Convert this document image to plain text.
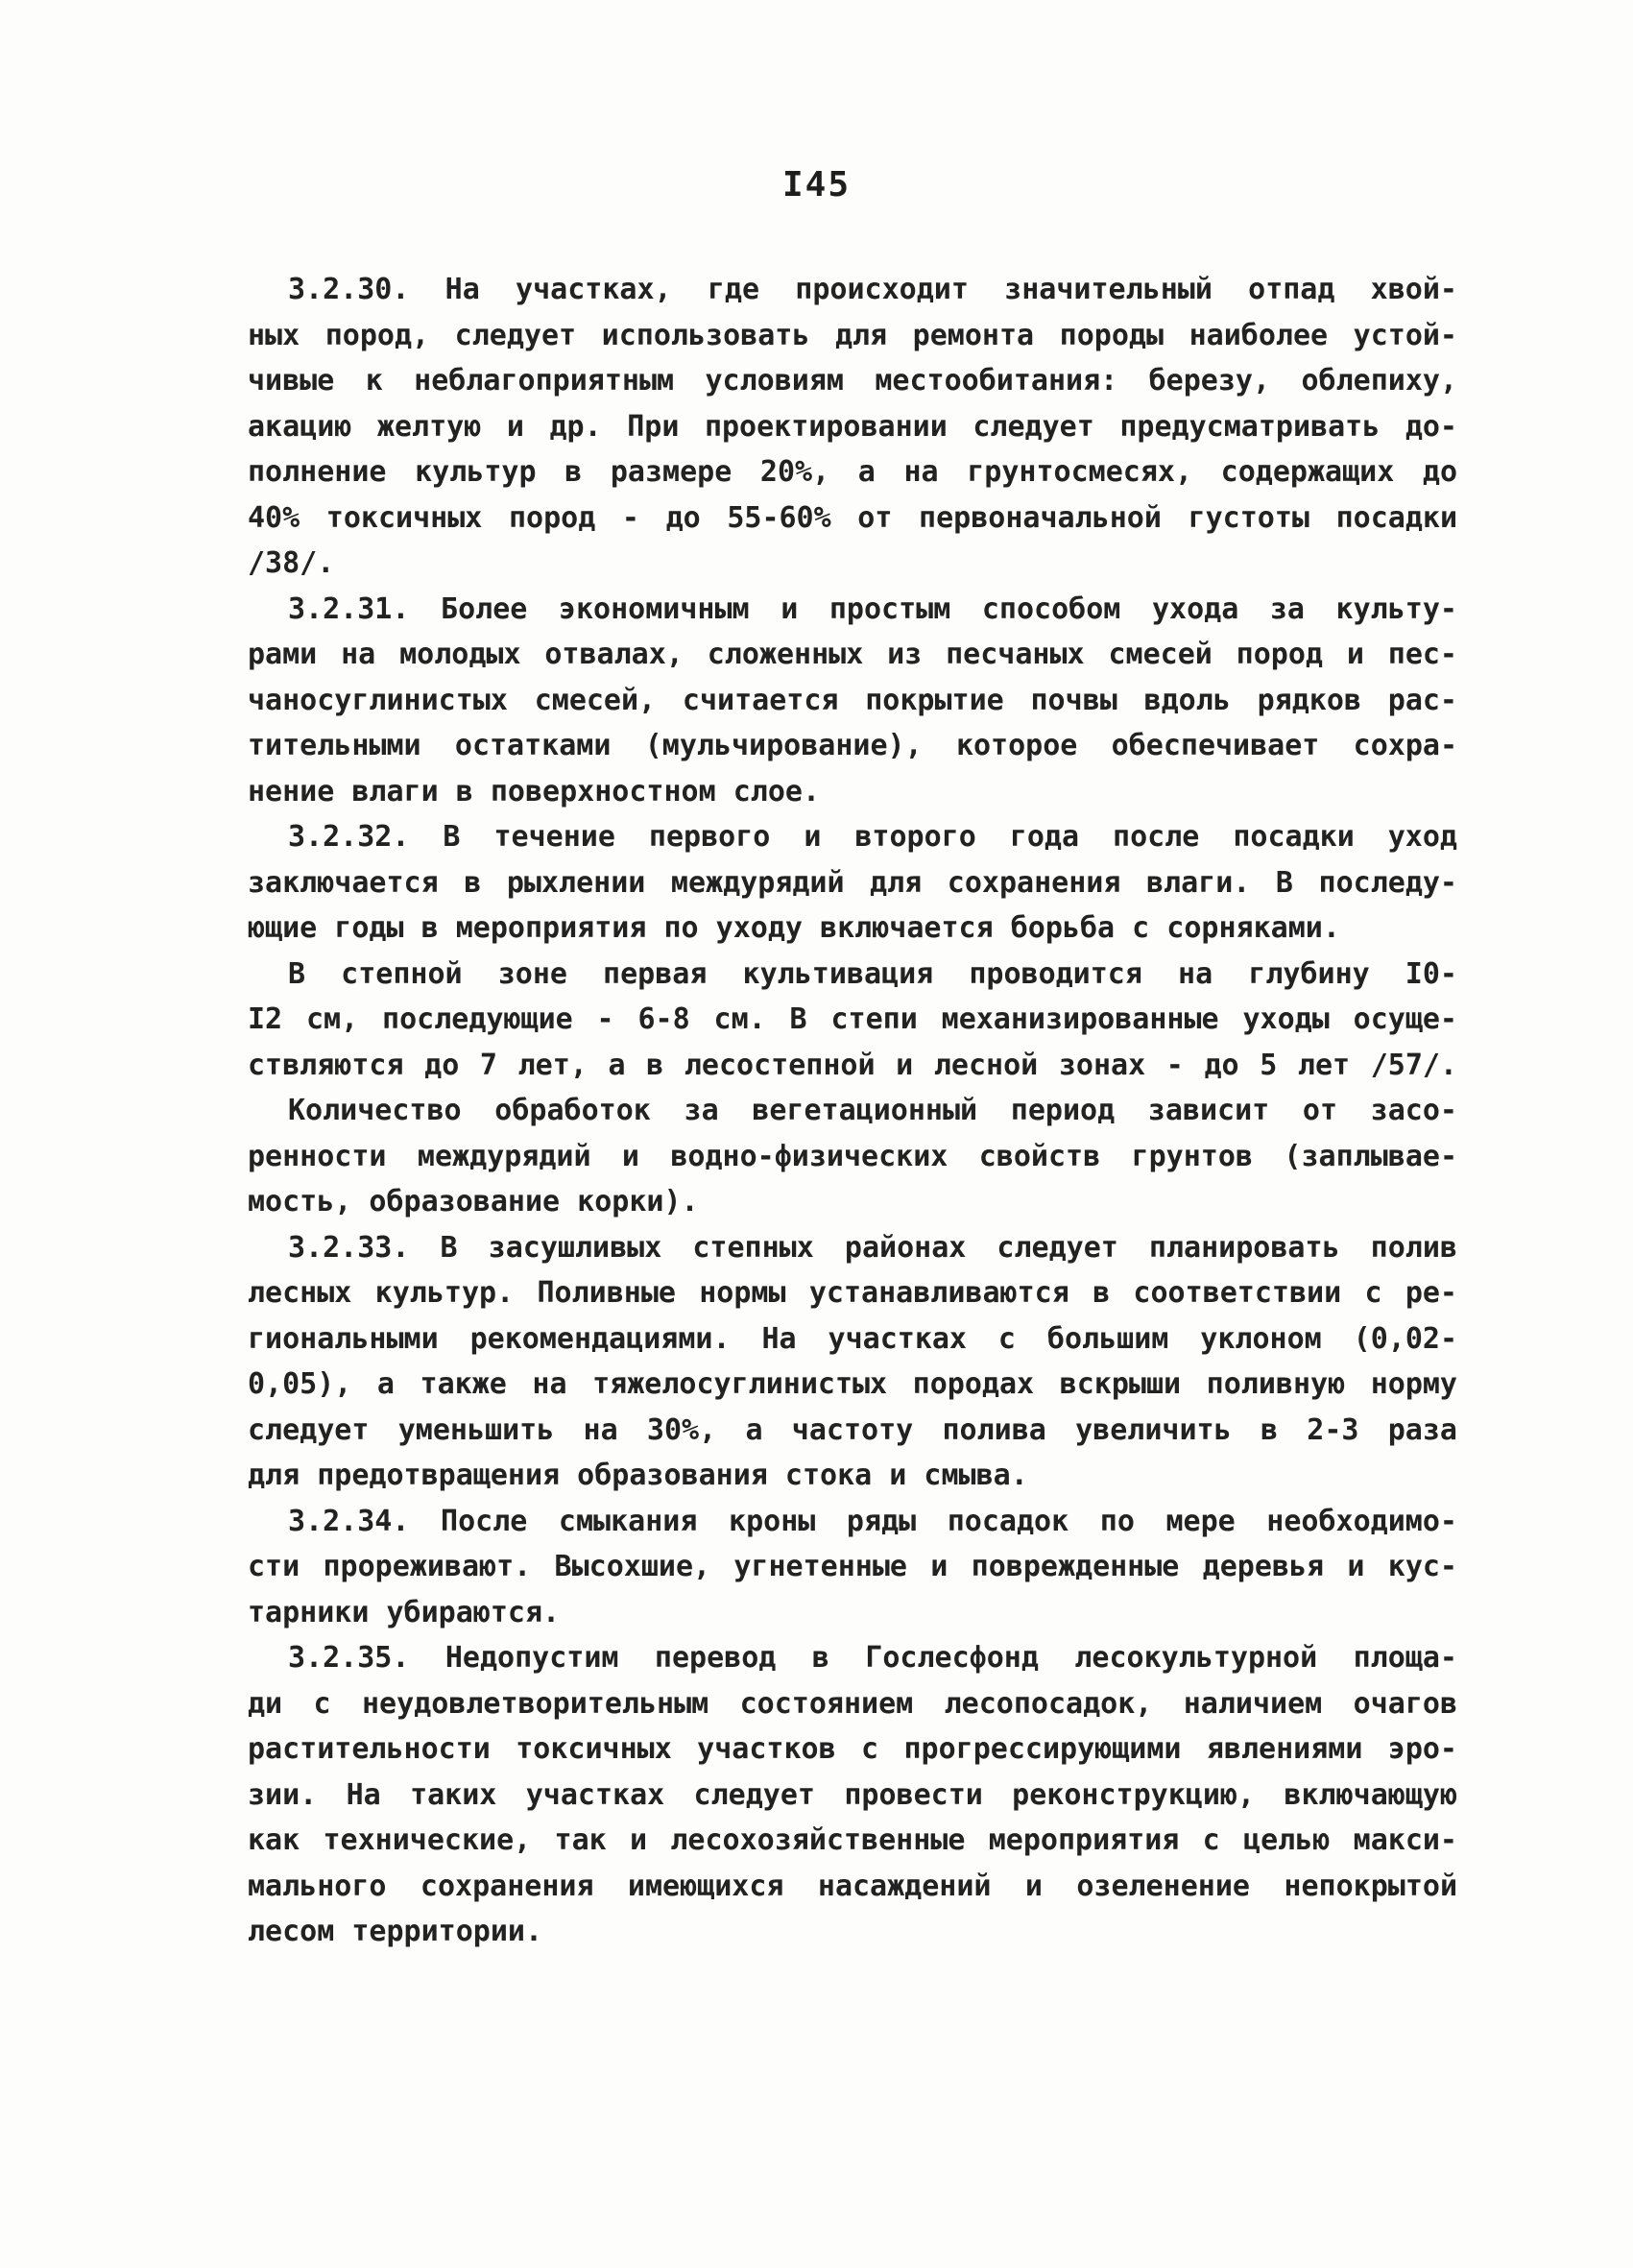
I45
3.2.30. На участках, где происходит значительный отпад хвой-
ных пород, следует использовать для ремонта породы наиболее устой-
чивые к неблагоприятным условиям местообитания: березу, облепиху,
акацию желтую и др. При проектировании следует предусматривать до-
полнение культур в размере 20%, а на грунтосмесях, содержащих до
40% токсичных пород - до 55-60% от первоначальной густоты посадки
/38/.
3.2.31. Более экономичным и простым способом ухода за культу-
рами на молодых отвалах, сложенных из песчаных смесей пород и пес-
чаносуглинистых смесей, считается покрытие почвы вдоль рядков рас-
тительными остатками (мульчирование), которое обеспечивает сохра-
нение влаги в поверхностном слое.
3.2.32. В течение первого и второго года после посадки уход
заключается в рыхлении междурядий для сохранения влаги. В последу-
ющие годы в мероприятия по уходу включается борьба с сорняками.
В степной зоне первая культивация проводится на глубину I0-
I2 см, последующие - 6-8 см. В степи механизированные уходы осуще-
ствляются до 7 лет, а в лесостепной и лесной зонах - до 5 лет /57/.
Количество обработок за вегетационный период зависит от засо-
ренности междурядий и водно-физических свойств грунтов (заплывае-
мость, образование корки).
3.2.33. В засушливых степных районах следует планировать полив
лесных культур. Поливные нормы устанавливаются в соответствии с ре-
гиональными рекомендациями. На участках с большим уклоном (0,02-
0,05), а также на тяжелосуглинистых породах вскрыши поливную норму
следует уменьшить на 30%, а частоту полива увеличить в 2-3 раза
для предотвращения образования стока и смыва.
3.2.34. После смыкания кроны ряды посадок по мере необходимо-
сти прореживают. Высохшие, угнетенные и поврежденные деревья и кус-
тарники убираются.
3.2.35. Недопустим перевод в Гослесфонд лесокультурной площа-
ди с неудовлетворительным состоянием лесопосадок, наличием очагов
растительности токсичных участков с прогрессирующими явлениями эро-
зии. На таких участках следует провести реконструкцию, включающую
как технические, так и лесохозяйственные мероприятия с целью макси-
мального сохранения имеющихся насаждений и озеленение непокрытой
лесом территории.
